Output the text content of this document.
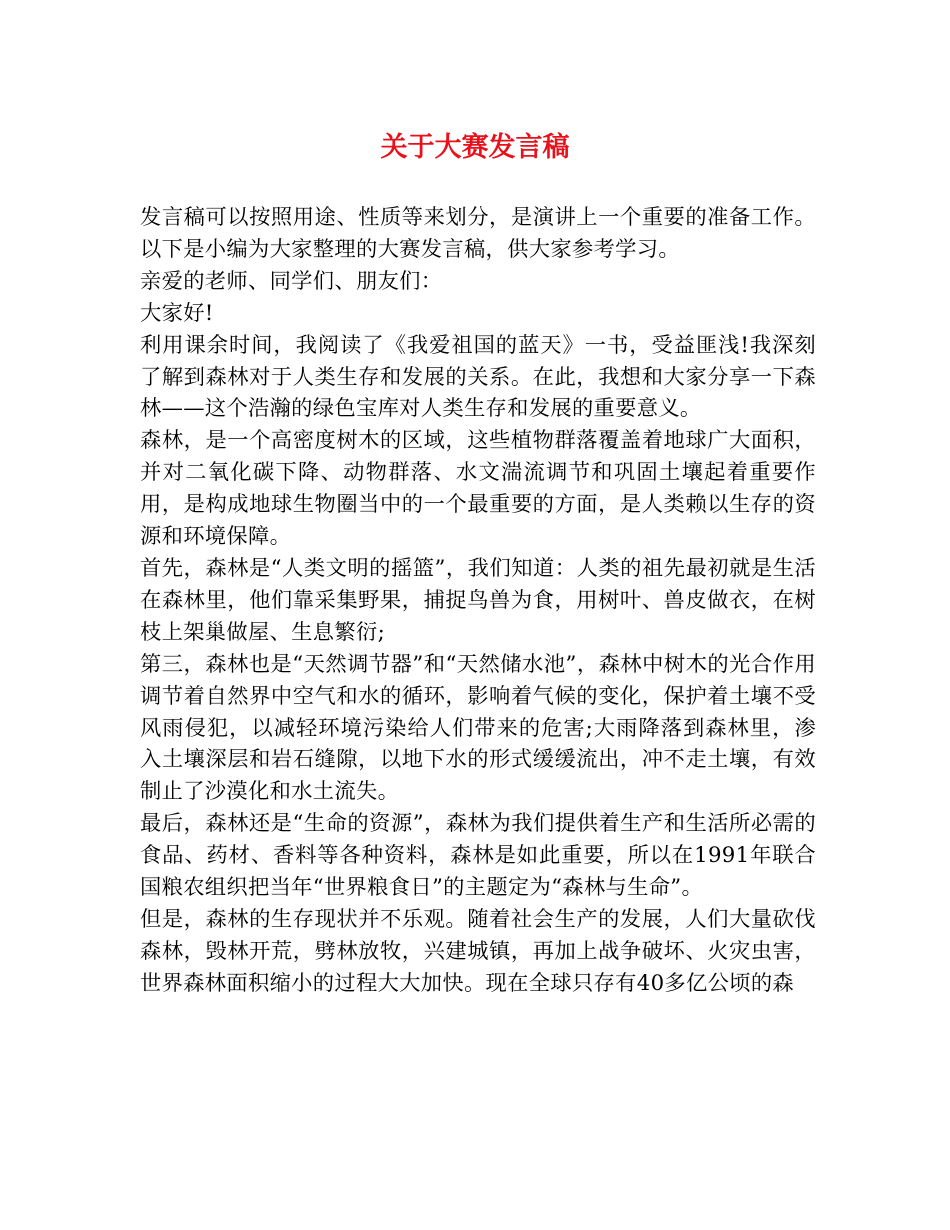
关于大赛发言稿

发言稿可以按照用途、性质等来划分，是演讲上一个重要的准备工作。以下是小编为大家整理的大赛发言稿，供大家参考学习。

亲爱的老师、同学们、朋友们：

大家好!

利用课余时间，我阅读了《我爱祖国的蓝天》一书，受益匪浅!我深刻了解到森林对于人类生存和发展的关系。在此，我想和大家分享一下森林——这个浩瀚的绿色宝库对人类生存和发展的重要意义。

森林，是一个高密度树木的区域，这些植物群落覆盖着地球广大面积，并对二氧化碳下降、动物群落、水文湍流调节和巩固土壤起着重要作用，是构成地球生物圈当中的一个最重要的方面，是人类赖以生存的资源和环境保障。

首先，森林是“人类文明的摇篮”，我们知道：人类的祖先最初就是生活在森林里，他们靠采集野果，捕捉鸟兽为食，用树叶、兽皮做衣，在树枝上架巢做屋、生息繁衍;

第三，森林也是“天然调节器”和“天然储水池”，森林中树木的光合作用调节着自然界中空气和水的循环，影响着气候的变化，保护着土壤不受风雨侵犯，以减轻环境污染给人们带来的危害;大雨降落到森林里，渗入土壤深层和岩石缝隙，以地下水的形式缓缓流出，冲不走土壤，有效制止了沙漠化和水土流失。

最后，森林还是“生命的资源”，森林为我们提供着生产和生活所必需的食品、药材、香料等各种资料，森林是如此重要，所以在1991年联合国粮农组织把当年“世界粮食日”的主题定为“森林与生命”。

但是，森林的生存现状并不乐观。随着社会生产的发展，人们大量砍伐森林，毁林开荒，劈林放牧，兴建城镇，再加上战争破坏、火灾虫害，世界森林面积缩小的过程大大加快。现在全球只存有40多亿公顷的森
